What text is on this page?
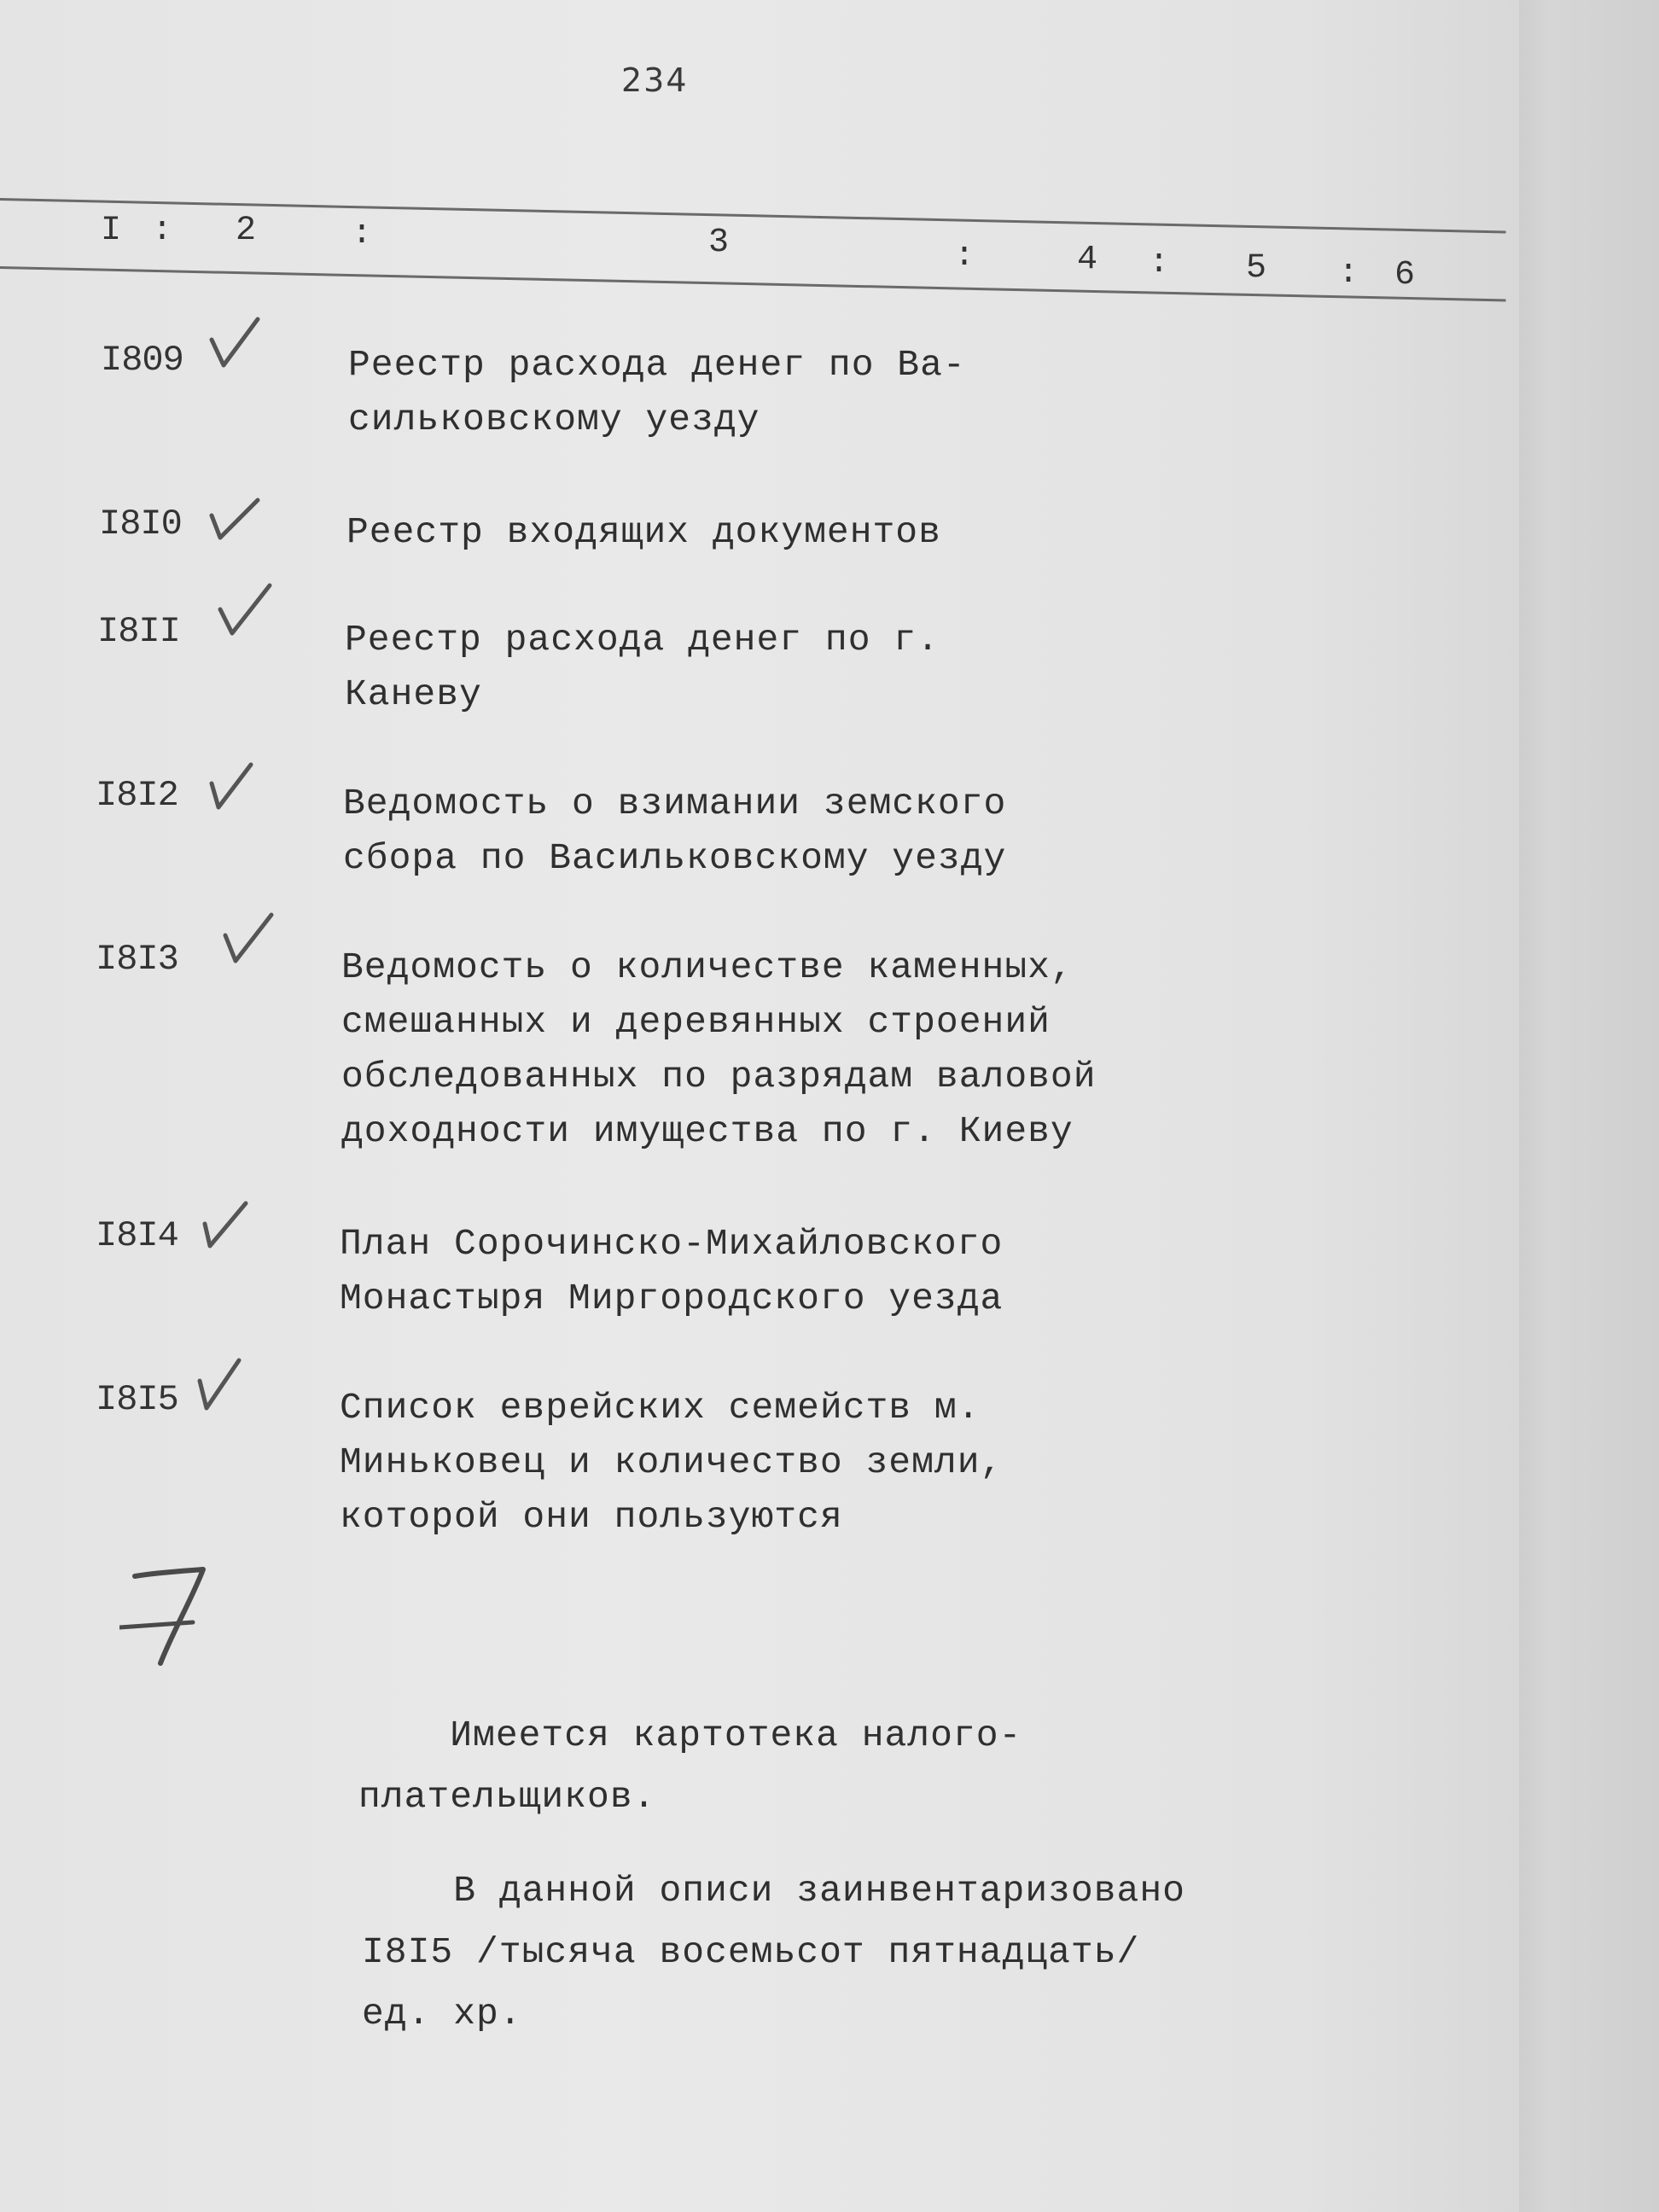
234
I : 2	:	3	:	4 : 5 : 6
I809	Реестр расхода денег по Ва-
сильковскому уезду
I8I0	Реестр входящих документов
I8II	Реестр расхода денег по г.
Каневу
I8I2	Ведомость о взимании земского
сбора по Васильковскому уезду
I8I3	Ведомость о количестве каменных,
смешанных и деревянных строений
обследованных по разрядам валовой
доходности имущества по г. Киеву
I8I4	План Сорочинско-Михайловского
Монастыря Миргородского уезда
I8I5	Список еврейских семейств м.
Миньковец и количество земли,
которой они пользуются
Имеется картотека налого-
плательщиков.
В данной описи заинвентаризовано
I8I5 /тысяча восемьсот пятнадцать/
ед. хр.
